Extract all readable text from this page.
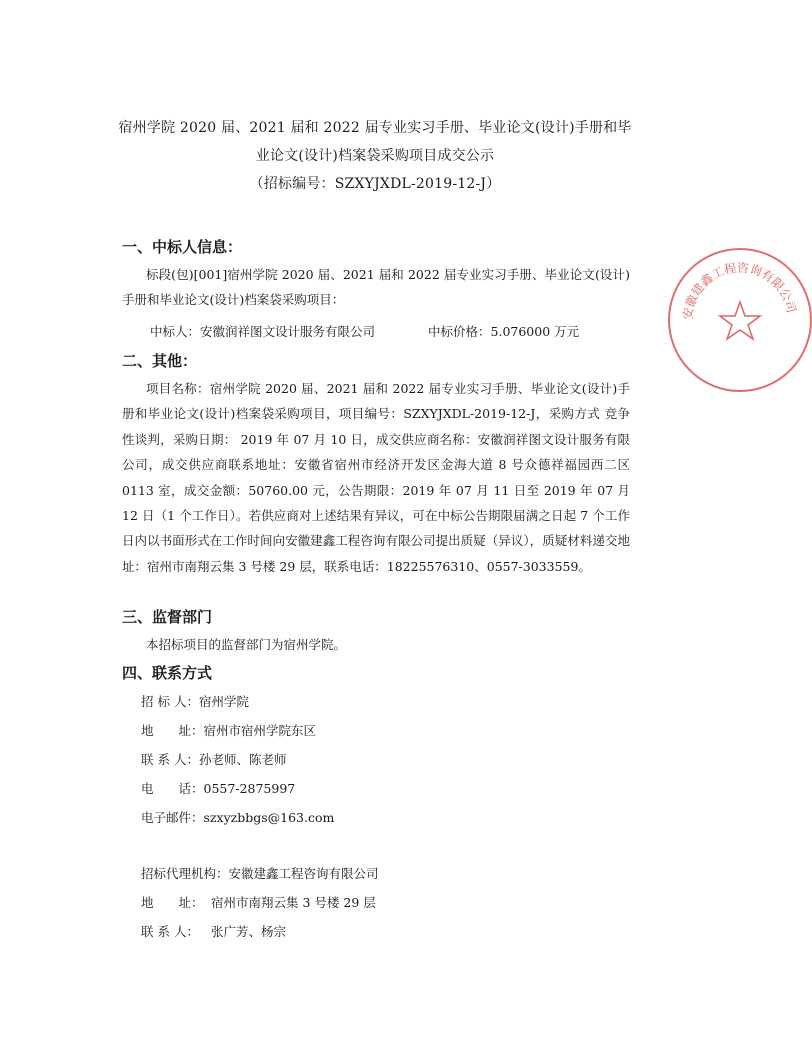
宿州学院 2020 届、2021 届和 2022 届专业实习手册、毕业论文(设计)手册和毕
业论文(设计)档案袋采购项目成交公示
（招标编号：SZXYJXDL-2019-12-J）
一、中标人信息：
标段(包)[001]宿州学院 2020 届、2021 届和 2022 届专业实习手册、毕业论文(设计)手册和毕业论文(设计)档案袋采购项目：
中标人：安徽润祥图文设计服务有限公司	中标价格：5.076000 万元
二、其他：
项目名称：宿州学院 2020 届、2021 届和 2022 届专业实习手册、毕业论文(设计)手册和毕业论文(设计)档案袋采购项目，项目编号：SZXYJXDL-2019-12-J，采购方式 竞争性谈判，采购日期： 2019 年 07 月 10 日，成交供应商名称：安徽润祥图文设计服务有限公司，成交供应商联系地址：安徽省宿州市经济开发区金海大道 8 号众德祥福园西二区 0113 室，成交金额：50760.00 元，公告期限：2019 年 07 月 11 日至 2019 年 07 月 12 日（1 个工作日）。若供应商对上述结果有异议，可在中标公告期限届满之日起 7 个工作日内以书面形式在工作时间向安徽建鑫工程咨询有限公司提出质疑（异议），质疑材料递交地址：宿州市南翔云集 3 号楼 29 层，联系电话：18225576310、0557-3033559。
三、监督部门
本招标项目的监督部门为宿州学院。
四、联系方式
招 标 人：宿州学院
地　　址：宿州市宿州学院东区
联 系 人：孙老师、陈老师
电　　话：0557-2875997
电子邮件：szxyzbbgs@163.com
招标代理机构：安徽建鑫工程咨询有限公司
地　　址： 宿州市南翔云集 3 号楼 29 层
联 系 人： 张广芳、杨宗
安徽建鑫工程咨询有限公司
